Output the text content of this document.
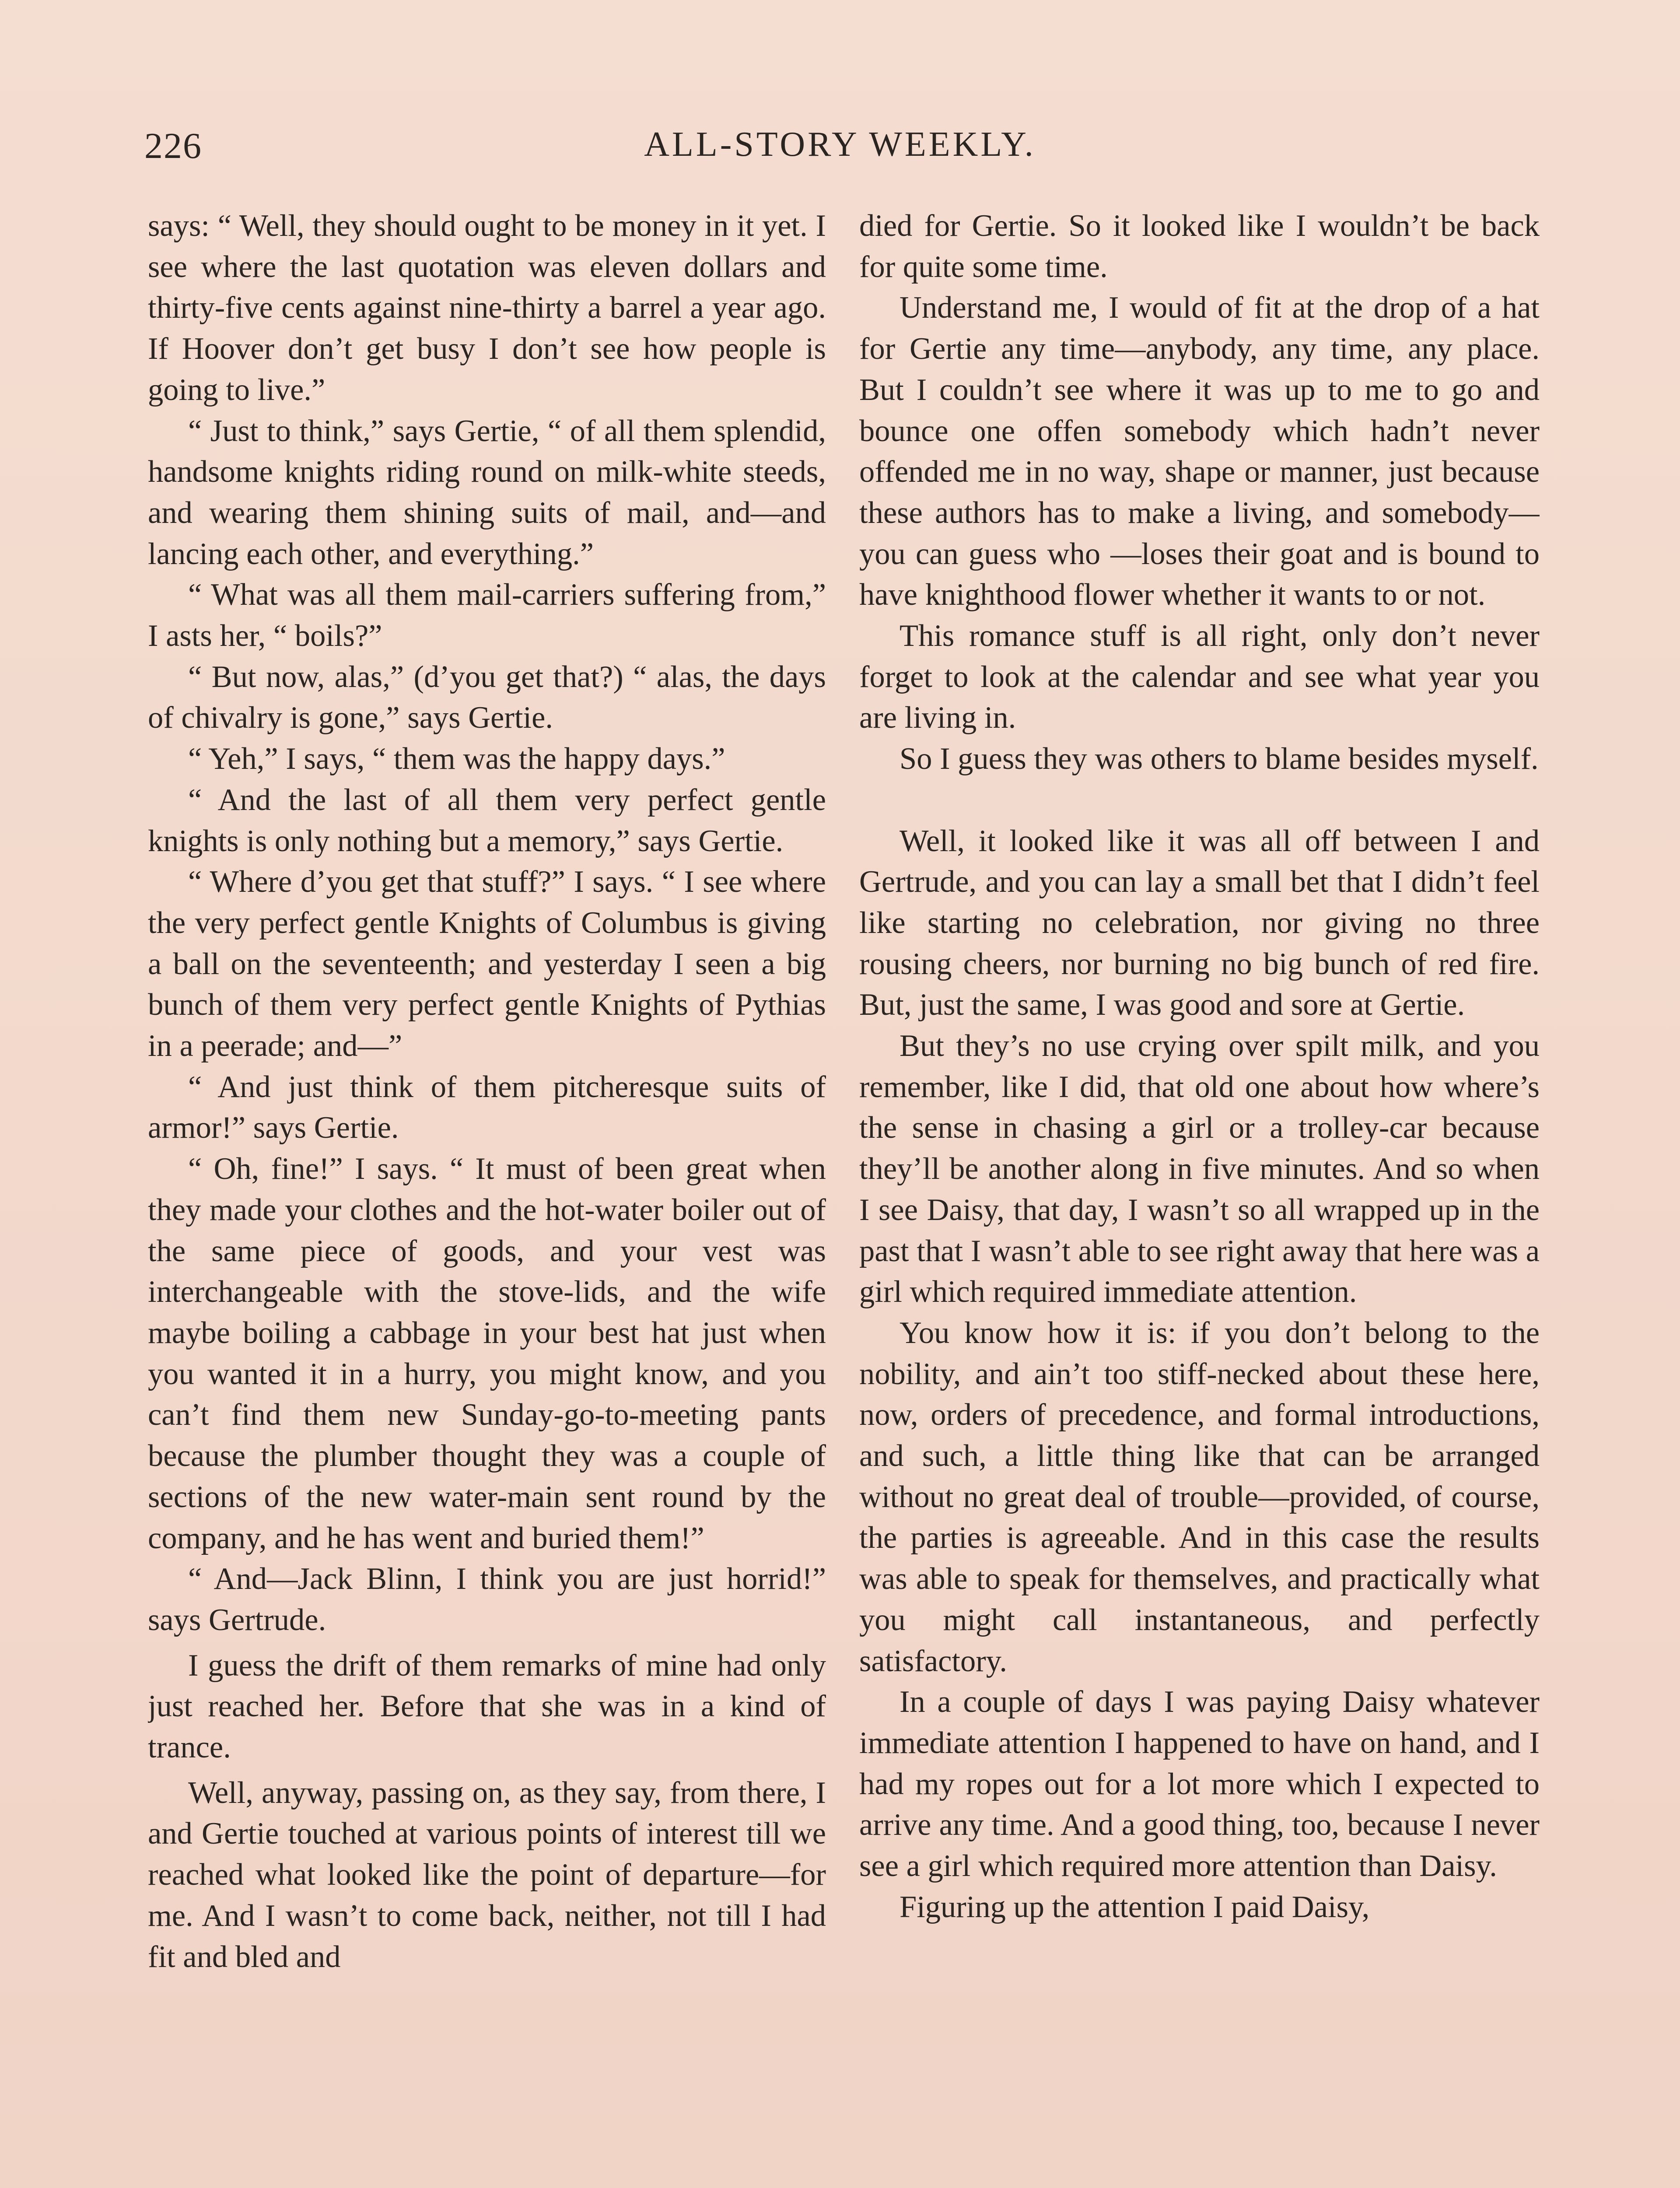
226	ALL-STORY WEEKLY.

says: “ Well, they should ought to be money in it yet. I see where the last quotation was eleven dollars and thirty-five cents against nine-thirty a barrel a year ago. If Hoover don’t get busy I don’t see how people is going to live.”

“ Just to think,” says Gertie, “ of all them splendid, handsome knights riding round on milk-white steeds, and wearing them shining suits of mail, and—and lancing each other, and everything.”

“ What was all them mail-carriers suffering from,” I asts her, “ boils?”

“ But now, alas,” (d’you get that?) “ alas, the days of chivalry is gone,” says Gertie.

“ Yeh,” I says, “ them was the happy days.”

“ And the last of all them very perfect gentle knights is only nothing but a memory,” says Gertie.

“ Where d’you get that stuff?” I says. “ I see where the very perfect gentle Knights of Columbus is giving a ball on the seventeenth; and yesterday I seen a big bunch of them very perfect gentle Knights of Pythias in a peerade; and—”

“ And just think of them pitcheresque suits of armor!” says Gertie.

“ Oh, fine!” I says. “ It must of been great when they made your clothes and the hot-water boiler out of the same piece of goods, and your vest was interchangeable with the stove-lids, and the wife maybe boiling a cabbage in your best hat just when you wanted it in a hurry, you might know, and you can’t find them new Sunday-go-to-meeting pants because the plumber thought they was a couple of sections of the new water-main sent round by the company, and he has went and buried them!”

“ And—Jack Blinn, I think you are just horrid!” says Gertrude.

I guess the drift of them remarks of mine had only just reached her. Before that she was in a kind of trance.

Well, anyway, passing on, as they say, from there, I and Gertie touched at various points of interest till we reached what looked like the point of departure—for me. And I wasn’t to come back, neither, not till I had fit and bled and

died for Gertie. So it looked like I wouldn’t be back for quite some time.

Understand me, I would of fit at the drop of a hat for Gertie any time—anybody, any time, any place. But I couldn’t see where it was up to me to go and bounce one offen somebody which hadn’t never offended me in no way, shape or manner, just because these authors has to make a living, and somebody—you can guess who —loses their goat and is bound to have knighthood flower whether it wants to or not.

This romance stuff is all right, only don’t never forget to look at the calendar and see what year you are living in.

So I guess they was others to blame besides myself.

Well, it looked like it was all off between I and Gertrude, and you can lay a small bet that I didn’t feel like starting no celebration, nor giving no three rousing cheers, nor burning no big bunch of red fire. But, just the same, I was good and sore at Gertie.

But they’s no use crying over spilt milk, and you remember, like I did, that old one about how where’s the sense in chasing a girl or a trolley-car because they’ll be another along in five minutes. And so when I see Daisy, that day, I wasn’t so all wrapped up in the past that I wasn’t able to see right away that here was a girl which required immediate attention.

You know how it is: if you don’t belong to the nobility, and ain’t too stiff-necked about these here, now, orders of precedence, and formal introductions, and such, a little thing like that can be arranged without no great deal of trouble—provided, of course, the parties is agreeable. And in this case the results was able to speak for themselves, and practically what you might call instantaneous, and perfectly satisfactory.

In a couple of days I was paying Daisy whatever immediate attention I happened to have on hand, and I had my ropes out for a lot more which I expected to arrive any time. And a good thing, too, because I never see a girl which required more attention than Daisy.

Figuring up the attention I paid Daisy,
